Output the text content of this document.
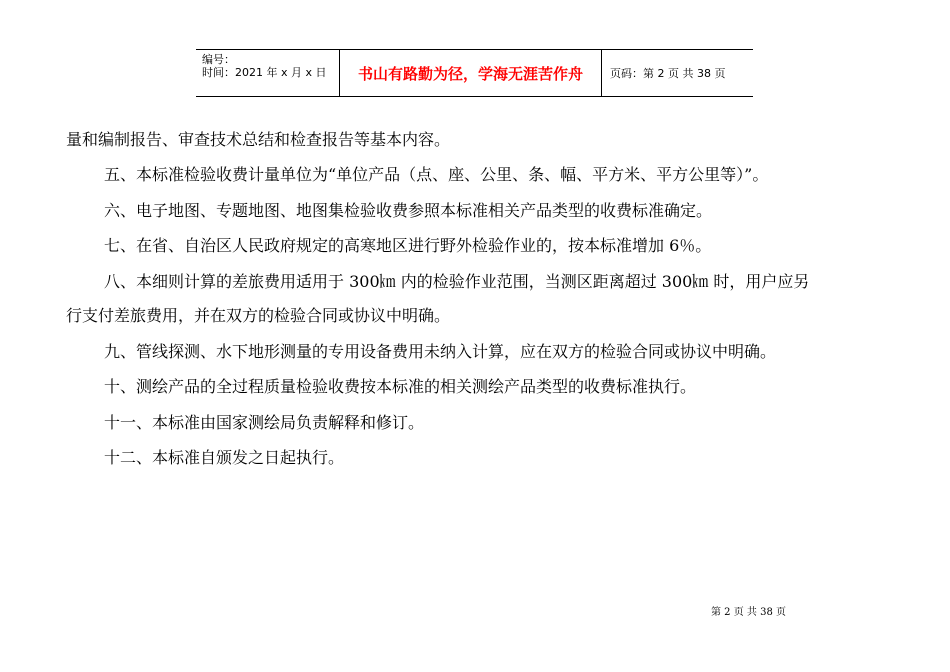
编号：
时间：2021 年 x 月 x 日	书山有路勤为径，学海无涯苦作舟	页码：第 2 页 共 38 页

量和编制报告、审查技术总结和检查报告等基本内容。

五、本标准检验收费计量单位为“单位产品（点、座、公里、条、幅、平方米、平方公里等）”。

六、电子地图、专题地图、地图集检验收费参照本标准相关产品类型的收费标准确定。

七、在省、自治区人民政府规定的高寒地区进行野外检验作业的，按本标准增加 6％。

八、本细则计算的差旅费用适用于 300㎞ 内的检验作业范围，当测区距离超过 300㎞ 时，用户应另

行支付差旅费用，并在双方的检验合同或协议中明确。

九、管线探测、水下地形测量的专用设备费用未纳入计算，应在双方的检验合同或协议中明确。

十、测绘产品的全过程质量检验收费按本标准的相关测绘产品类型的收费标准执行。

十一、本标准由国家测绘局负责解释和修订。

十二、本标准自颁发之日起执行。

第 2 页 共 38 页
